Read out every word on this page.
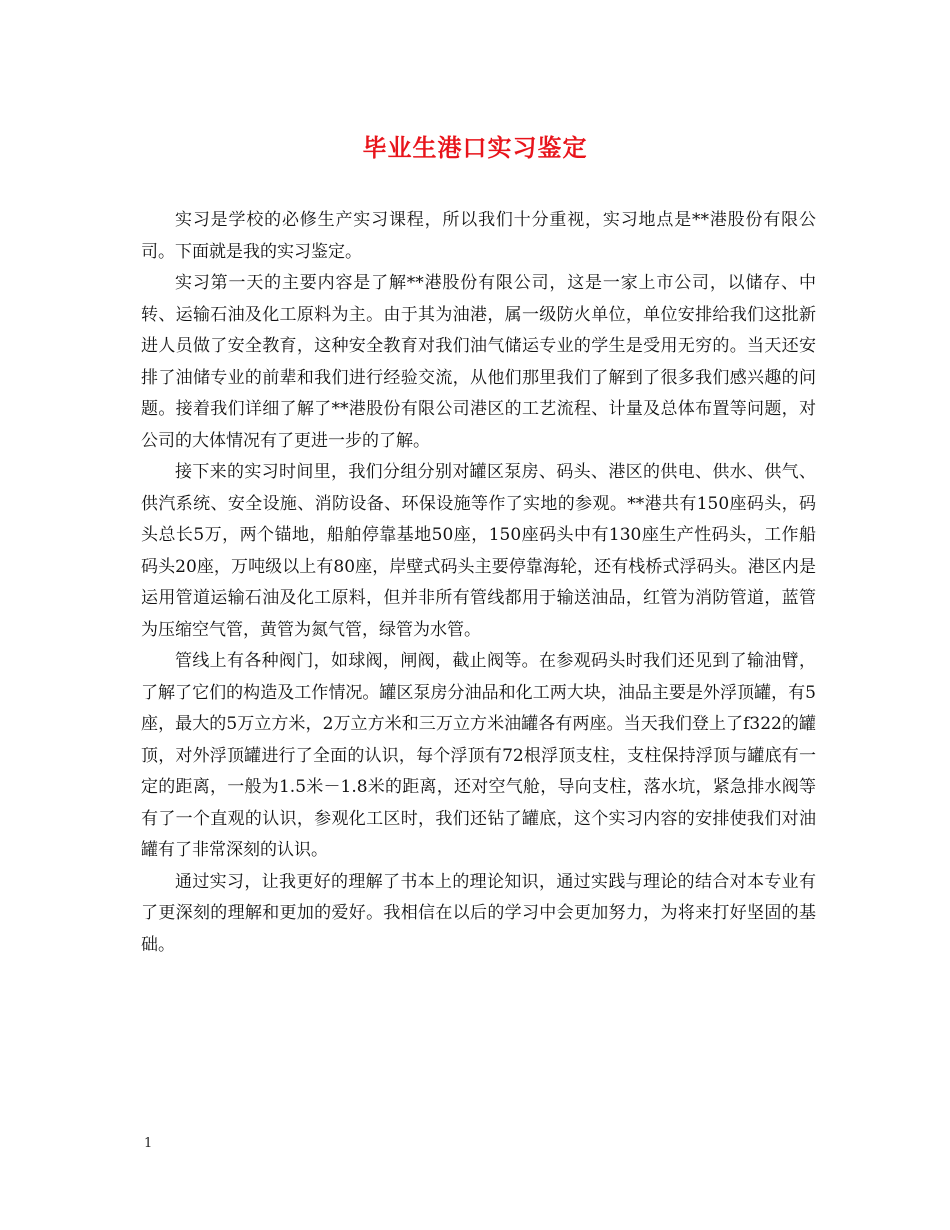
毕业生港口实习鉴定

实习是学校的必修生产实习课程，所以我们十分重视，实习地点是**港股份有限公司。下面就是我的实习鉴定。

实习第一天的主要内容是了解**港股份有限公司，这是一家上市公司，以储存、中转、运输石油及化工原料为主。由于其为油港，属一级防火单位，单位安排给我们这批新进人员做了安全教育，这种安全教育对我们油气储运专业的学生是受用无穷的。当天还安排了油储专业的前辈和我们进行经验交流，从他们那里我们了解到了很多我们感兴趣的问题。接着我们详细了解了**港股份有限公司港区的工艺流程、计量及总体布置等问题，对公司的大体情况有了更进一步的了解。

接下来的实习时间里，我们分组分别对罐区泵房、码头、港区的供电、供水、供气、供汽系统、安全设施、消防设备、环保设施等作了实地的参观。**港共有150座码头，码头总长5万，两个锚地，船舶停靠基地50座，150座码头中有130座生产性码头，工作船码头20座，万吨级以上有80座，岸壁式码头主要停靠海轮，还有栈桥式浮码头。港区内是运用管道运输石油及化工原料，但并非所有管线都用于输送油品，红管为消防管道，蓝管为压缩空气管，黄管为氮气管，绿管为水管。

管线上有各种阀门，如球阀，闸阀，截止阀等。在参观码头时我们还见到了输油臂，了解了它们的构造及工作情况。罐区泵房分油品和化工两大块，油品主要是外浮顶罐，有5座，最大的5万立方米，2万立方米和三万立方米油罐各有两座。当天我们登上了f322的罐顶，对外浮顶罐进行了全面的认识，每个浮顶有72根浮顶支柱，支柱保持浮顶与罐底有一定的距离，一般为1.5米－1.8米的距离，还对空气舱，导向支柱，落水坑，紧急排水阀等有了一个直观的认识，参观化工区时，我们还钻了罐底，这个实习内容的安排使我们对油罐有了非常深刻的认识。

通过实习，让我更好的理解了书本上的理论知识，通过实践与理论的结合对本专业有了更深刻的理解和更加的爱好。我相信在以后的学习中会更加努力，为将来打好坚固的基础。

1
